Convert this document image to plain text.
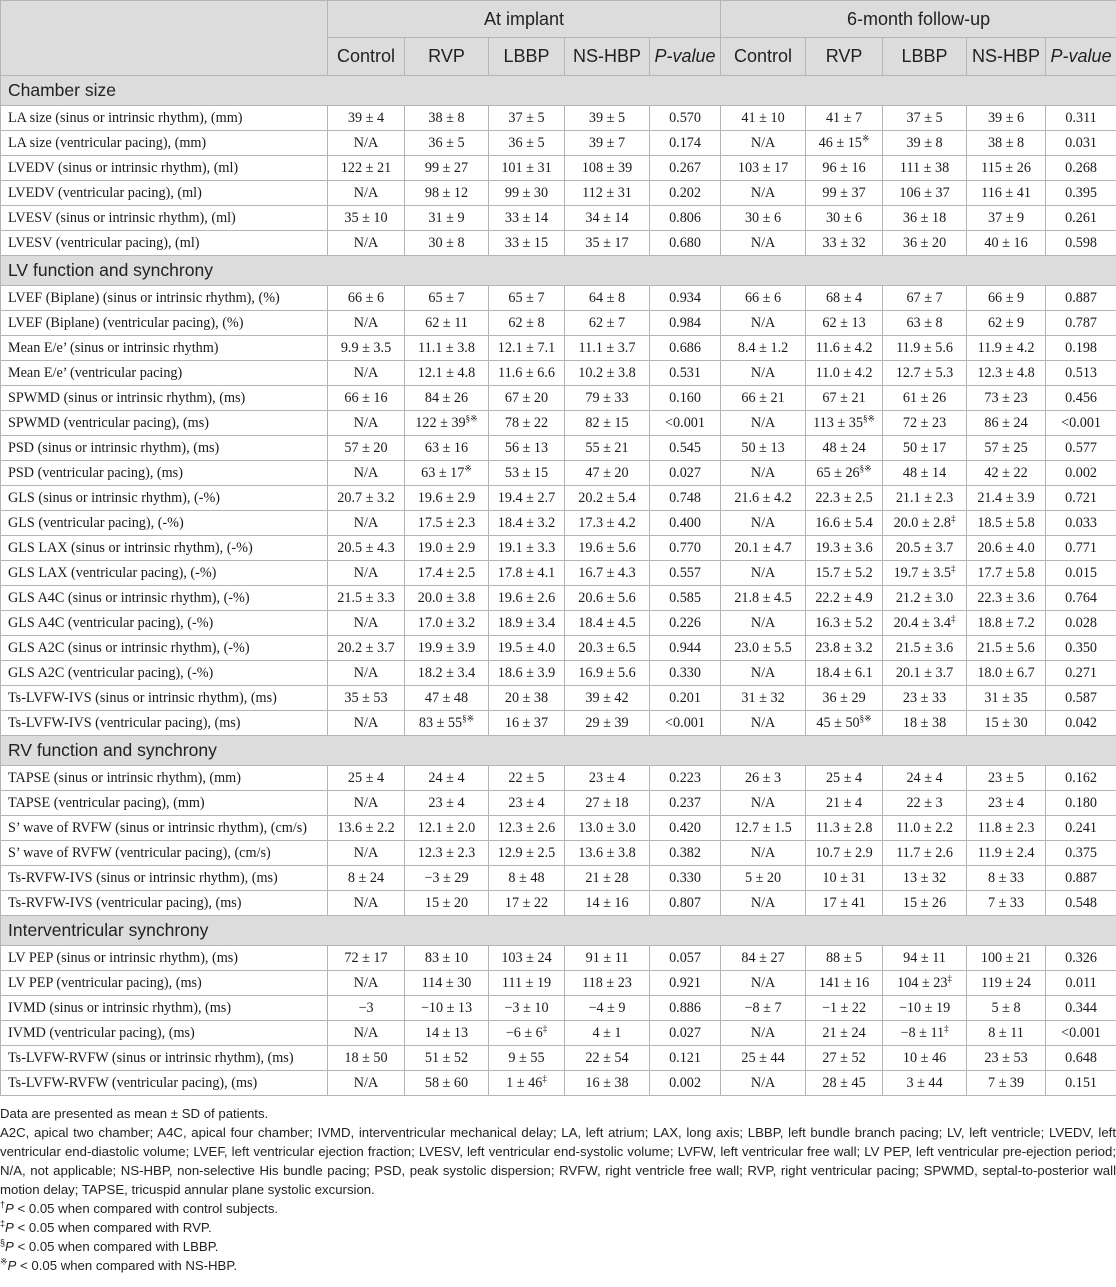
	At implant					6-month follow-up				
	Control	RVP	LBBP	NS-HBP	P-value	Control	RVP	LBBP	NS-HBP	P-value
Chamber size										
LA size (sinus or intrinsic rhythm), (mm)	39 ± 4	38 ± 8	37 ± 5	39 ± 5	0.570	41 ± 10	41 ± 7	37 ± 5	39 ± 6	0.311
LA size (ventricular pacing), (mm)	N/A	36 ± 5	36 ± 5	39 ± 7	0.174	N/A	46 ± 15※	39 ± 8	38 ± 8	0.031
LVEDV (sinus or intrinsic rhythm), (ml)	122 ± 21	99 ± 27	101 ± 31	108 ± 39	0.267	103 ± 17	96 ± 16	111 ± 38	115 ± 26	0.268
LVEDV (ventricular pacing), (ml)	N/A	98 ± 12	99 ± 30	112 ± 31	0.202	N/A	99 ± 37	106 ± 37	116 ± 41	0.395
LVESV (sinus or intrinsic rhythm), (ml)	35 ± 10	31 ± 9	33 ± 14	34 ± 14	0.806	30 ± 6	30 ± 6	36 ± 18	37 ± 9	0.261
LVESV (ventricular pacing), (ml)	N/A	30 ± 8	33 ± 15	35 ± 17	0.680	N/A	33 ± 32	36 ± 20	40 ± 16	0.598
LV function and synchrony										
LVEF (Biplane) (sinus or intrinsic rhythm), (%)	66 ± 6	65 ± 7	65 ± 7	64 ± 8	0.934	66 ± 6	68 ± 4	67 ± 7	66 ± 9	0.887
LVEF (Biplane) (ventricular pacing), (%)	N/A	62 ± 11	62 ± 8	62 ± 7	0.984	N/A	62 ± 13	63 ± 8	62 ± 9	0.787
Mean E/e’ (sinus or intrinsic rhythm)	9.9 ± 3.5	11.1 ± 3.8	12.1 ± 7.1	11.1 ± 3.7	0.686	8.4 ± 1.2	11.6 ± 4.2	11.9 ± 5.6	11.9 ± 4.2	0.198
Mean E/e’ (ventricular pacing)	N/A	12.1 ± 4.8	11.6 ± 6.6	10.2 ± 3.8	0.531	N/A	11.0 ± 4.2	12.7 ± 5.3	12.3 ± 4.8	0.513
SPWMD (sinus or intrinsic rhythm), (ms)	66 ± 16	84 ± 26	67 ± 20	79 ± 33	0.160	66 ± 21	67 ± 21	61 ± 26	73 ± 23	0.456
SPWMD (ventricular pacing), (ms)	N/A	122 ± 39§※	78 ± 22	82 ± 15	<0.001	N/A	113 ± 35§※	72 ± 23	86 ± 24	<0.001
PSD (sinus or intrinsic rhythm), (ms)	57 ± 20	63 ± 16	56 ± 13	55 ± 21	0.545	50 ± 13	48 ± 24	50 ± 17	57 ± 25	0.577
PSD (ventricular pacing), (ms)	N/A	63 ± 17※	53 ± 15	47 ± 20	0.027	N/A	65 ± 26§※	48 ± 14	42 ± 22	0.002
GLS (sinus or intrinsic rhythm), (-%)	20.7 ± 3.2	19.6 ± 2.9	19.4 ± 2.7	20.2 ± 5.4	0.748	21.6 ± 4.2	22.3 ± 2.5	21.1 ± 2.3	21.4 ± 3.9	0.721
GLS (ventricular pacing), (-%)	N/A	17.5 ± 2.3	18.4 ± 3.2	17.3 ± 4.2	0.400	N/A	16.6 ± 5.4	20.0 ± 2.8‡	18.5 ± 5.8	0.033
GLS LAX (sinus or intrinsic rhythm), (-%)	20.5 ± 4.3	19.0 ± 2.9	19.1 ± 3.3	19.6 ± 5.6	0.770	20.1 ± 4.7	19.3 ± 3.6	20.5 ± 3.7	20.6 ± 4.0	0.771
GLS LAX (ventricular pacing), (-%)	N/A	17.4 ± 2.5	17.8 ± 4.1	16.7 ± 4.3	0.557	N/A	15.7 ± 5.2	19.7 ± 3.5‡	17.7 ± 5.8	0.015
GLS A4C (sinus or intrinsic rhythm), (-%)	21.5 ± 3.3	20.0 ± 3.8	19.6 ± 2.6	20.6 ± 5.6	0.585	21.8 ± 4.5	22.2 ± 4.9	21.2 ± 3.0	22.3 ± 3.6	0.764
GLS A4C (ventricular pacing), (-%)	N/A	17.0 ± 3.2	18.9 ± 3.4	18.4 ± 4.5	0.226	N/A	16.3 ± 5.2	20.4 ± 3.4‡	18.8 ± 7.2	0.028
GLS A2C (sinus or intrinsic rhythm), (-%)	20.2 ± 3.7	19.9 ± 3.9	19.5 ± 4.0	20.3 ± 6.5	0.944	23.0 ± 5.5	23.8 ± 3.2	21.5 ± 3.6	21.5 ± 5.6	0.350
GLS A2C (ventricular pacing), (-%)	N/A	18.2 ± 3.4	18.6 ± 3.9	16.9 ± 5.6	0.330	N/A	18.4 ± 6.1	20.1 ± 3.7	18.0 ± 6.7	0.271
Ts-LVFW-IVS (sinus or intrinsic rhythm), (ms)	35 ± 53	47 ± 48	20 ± 38	39 ± 42	0.201	31 ± 32	36 ± 29	23 ± 33	31 ± 35	0.587
Ts-LVFW-IVS (ventricular pacing), (ms)	N/A	83 ± 55§※	16 ± 37	29 ± 39	<0.001	N/A	45 ± 50§※	18 ± 38	15 ± 30	0.042
RV function and synchrony										
TAPSE (sinus or intrinsic rhythm), (mm)	25 ± 4	24 ± 4	22 ± 5	23 ± 4	0.223	26 ± 3	25 ± 4	24 ± 4	23 ± 5	0.162
TAPSE (ventricular pacing), (mm)	N/A	23 ± 4	23 ± 4	27 ± 18	0.237	N/A	21 ± 4	22 ± 3	23 ± 4	0.180
S’ wave of RVFW (sinus or intrinsic rhythm), (cm/s)	13.6 ± 2.2	12.1 ± 2.0	12.3 ± 2.6	13.0 ± 3.0	0.420	12.7 ± 1.5	11.3 ± 2.8	11.0 ± 2.2	11.8 ± 2.3	0.241
S’ wave of RVFW (ventricular pacing), (cm/s)	N/A	12.3 ± 2.3	12.9 ± 2.5	13.6 ± 3.8	0.382	N/A	10.7 ± 2.9	11.7 ± 2.6	11.9 ± 2.4	0.375
Ts-RVFW-IVS (sinus or intrinsic rhythm), (ms)	8 ± 24	−3 ± 29	8 ± 48	21 ± 28	0.330	5 ± 20	10 ± 31	13 ± 32	8 ± 33	0.887
Ts-RVFW-IVS (ventricular pacing), (ms)	N/A	15 ± 20	17 ± 22	14 ± 16	0.807	N/A	17 ± 41	15 ± 26	7 ± 33	0.548
Interventricular synchrony										
LV PEP (sinus or intrinsic rhythm), (ms)	72 ± 17	83 ± 10	103 ± 24	91 ± 11	0.057	84 ± 27	88 ± 5	94 ± 11	100 ± 21	0.326
LV PEP (ventricular pacing), (ms)	N/A	114 ± 30	111 ± 19	118 ± 23	0.921	N/A	141 ± 16	104 ± 23‡	119 ± 24	0.011
IVMD (sinus or intrinsic rhythm), (ms)	−3	−10 ± 13	−3 ± 10	−4 ± 9	0.886	−8 ± 7	−1 ± 22	−10 ± 19	5 ± 8	0.344
IVMD (ventricular pacing), (ms)	N/A	14 ± 13	−6 ± 6‡	4 ± 1	0.027	N/A	21 ± 24	−8 ± 11‡	8 ± 11	<0.001
Ts-LVFW-RVFW (sinus or intrinsic rhythm), (ms)	18 ± 50	51 ± 52	9 ± 55	22 ± 54	0.121	25 ± 44	27 ± 52	10 ± 46	23 ± 53	0.648
Ts-LVFW-RVFW (ventricular pacing), (ms)	N/A	58 ± 60	1 ± 46‡	16 ± 38	0.002	N/A	28 ± 45	3 ± 44	7 ± 39	0.151

Data are presented as mean ± SD of patients.

A2C, apical two chamber; A4C, apical four chamber; IVMD, interventricular mechanical delay; LA, left atrium; LAX, long axis; LBBP, left bundle branch pacing; LV, left ventricle; LVEDV, left ventricular end-diastolic volume; LVEF, left ventricular ejection fraction; LVESV, left ventricular end-systolic volume; LVFW, left ventricular free wall; LV PEP, left ventricular pre-ejection period; N/A, not applicable; NS-HBP, non-selective His bundle pacing; PSD, peak systolic dispersion; RVFW, right ventricle free wall; RVP, right ventricular pacing; SPWMD, septal-to-posterior wall motion delay; TAPSE, tricuspid annular plane systolic excursion.

†P < 0.05 when compared with control subjects.

‡P < 0.05 when compared with RVP.

§P < 0.05 when compared with LBBP.

※P < 0.05 when compared with NS-HBP.
